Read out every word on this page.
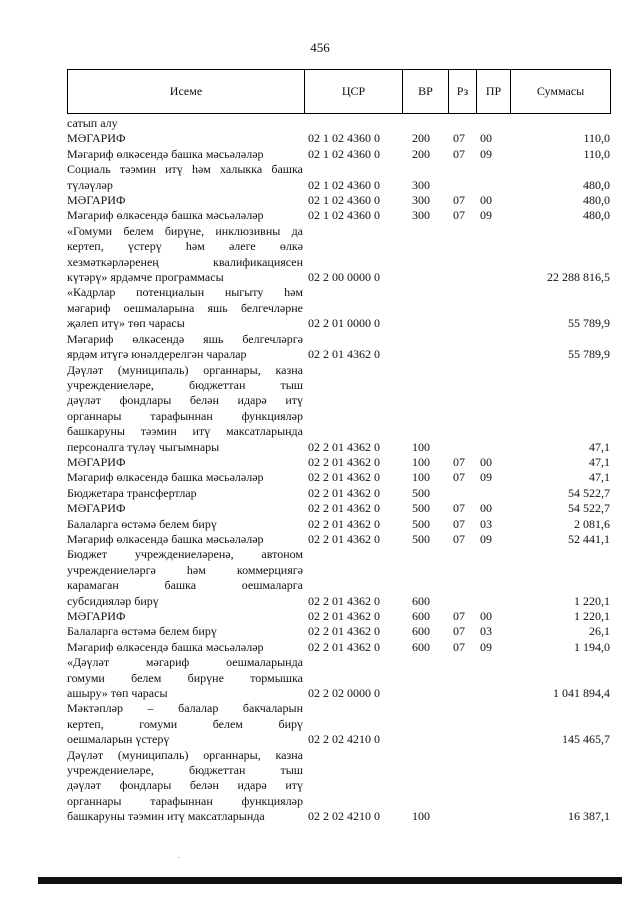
456
Исеме	ЦСР	ВР	Рз	ПР	Суммасы
сатып алу
МӘГАРИФ	02 1 02 4360 0	200 07 00	110,0
Мәгариф өлкәсендә башка мәсьәләләр	02 1 02 4360 0	200 07 09	110,0
Социаль тәэмин итү һәм халыкка башка
түләүләр	02 1 02 4360 0	300	480,0
МӘГАРИФ	02 1 02 4360 0	300 07 00	480,0
Мәгариф өлкәсендә башка мәсьәләләр	02 1 02 4360 0	300 07 09	480,0
«Гомуми белем бирүне, инклюзивны да
кертеп, үстерү һәм әлеге өлкә
хезмәткәрләренең квалификациясен
күтәрү» ярдәмче программасы	02 2 00 0000 0	22 288 816,5
«Кадрлар потенциалын ныгыту һәм
мәгариф оешмаларына яшь белгечләрне
җәлеп итү» төп чарасы	02 2 01 0000 0	55 789,9
Мәгариф өлкәсендә яшь белгечләргә
ярдәм итүгә юнәлдерелгән чаралар	02 2 01 4362 0	55 789,9
Дәүләт (муниципаль) органнары, казна
учреждениеләре, бюджеттан тыш
дәүләт фондлары белән идарә итү
органнары тарафыннан функцияләр
башкаруны тәэмин итү максатларында
персоналга түләү чыгымнары	02 2 01 4362 0	100	47,1
МӘГАРИФ	02 2 01 4362 0	100 07 00	47,1
Мәгариф өлкәсендә башка мәсьәләләр	02 2 01 4362 0	100 07 09	47,1
Бюджетара трансфертлар	02 2 01 4362 0	500	54 522,7
МӘГАРИФ	02 2 01 4362 0	500 07 00	54 522,7
Балаларга өстәмә белем бирү	02 2 01 4362 0	500 07 03	2 081,6
Мәгариф өлкәсендә башка мәсьәләләр	02 2 01 4362 0	500 07 09	52 441,1
Бюджет учреждениеләренә, автоном
учреждениеләргә һәм коммерциягә
карамаган башка оешмаларга
субсидияләр бирү	02 2 01 4362 0	600	1 220,1
МӘГАРИФ	02 2 01 4362 0	600 07 00	1 220,1
Балаларга өстәмә белем бирү	02 2 01 4362 0	600 07 03	26,1
Мәгариф өлкәсендә башка мәсьәләләр	02 2 01 4362 0	600 07 09	1 194,0
«Дәүләт мәгариф оешмаларында
гомуми белем бирүне тормышка
ашыру» төп чарасы	02 2 02 0000 0	1 041 894,4
Мәктәпләр – балалар бакчаларын
кертеп, гомуми белем бирү
оешмаларын үстерү	02 2 02 4210 0	145 465,7
Дәүләт (муниципаль) органнары, казна
учреждениеләре, бюджеттан тыш
дәүләт фондлары белән идарә итү
органнары тарафыннан функцияләр
башкаруны тәэмин итү максатларында	02 2 02 4210 0	100	16 387,1
.
